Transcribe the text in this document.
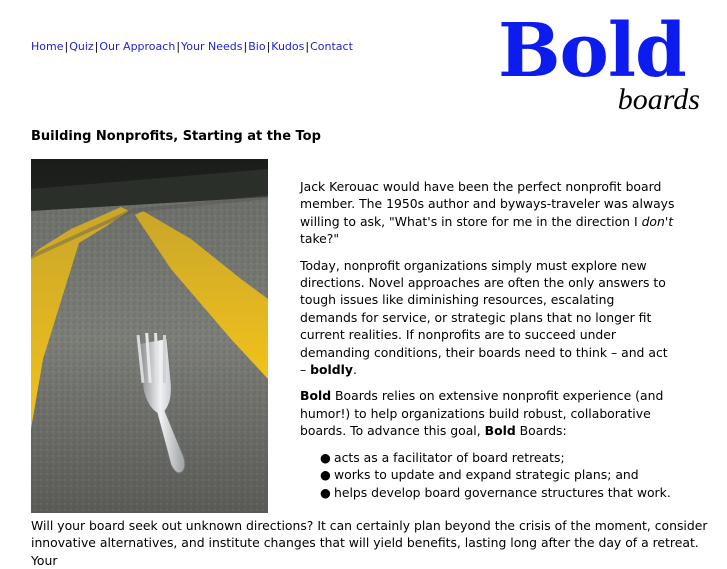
Home|Quiz|Our Approach|Your Needs|Bio|Kudos|Contact Bold
boards
Building Nonprofits, Starting at the Top

Jack Kerouac would have been the perfect nonprofit board member. The 1950s author and byways-traveler was always willing to ask, "What's in store for me in the direction I don't take?"

Today, nonprofit organizations simply must explore new directions. Novel approaches are often the only answers to tough issues like diminishing resources, escalating demands for service, or strategic plans that no longer fit current realities. If nonprofits are to succeed under demanding conditions, their boards need to think – and act – boldly.

Bold Boards relies on extensive nonprofit experience (and humor!) to help organizations build robust, collaborative boards. To advance this goal, Bold Boards:

● acts as a facilitator of board retreats;
● works to update and expand strategic plans; and
● helps develop board governance structures that work.
Will your board seek out unknown directions? It can certainly plan beyond the crisis of the moment, consider innovative alternatives, and institute changes that will yield benefits, lasting long after the day of a retreat. Your
